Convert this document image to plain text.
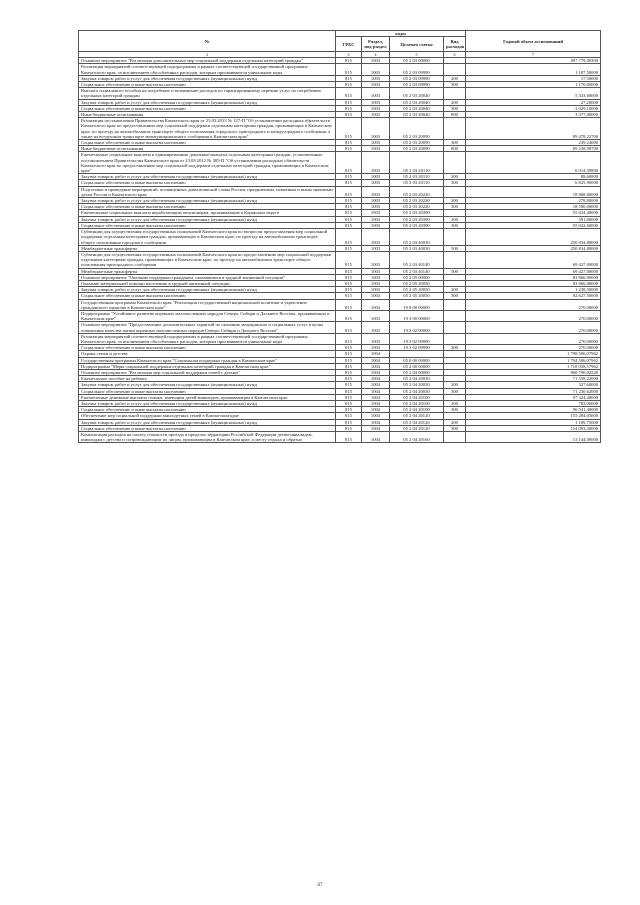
№	коды				Годовой объем ассигнований
	ГРБС	Раздел, под-раздел	Целевая статья	Вид расходов	
2	3	4	5	6	7
Основное мероприятие "Реализация дополнительных мер социальной поддержки отдельных категорий граждан"	815	1003	05 2 03 00000		497 779,00300
Реализация мероприятий соответствующей подпрограммы в рамках соответствующей государственной программы Камчатского края, за исключением обособленных расходов, которым присваиваются уникальные коды	815	1003	05 2 03 09990		1 187,50000
Закупка товаров, работ и услуг для обеспечения государственных (муниципальных) нужд	815	1003	05 2 03 09990	200	17,50000
Социальное обеспечение и иные выплаты населению	815	1003	05 2 03 09990	300	1 170,00000
Выплата социального пособия на погребение и возмещение расходов по гарантированному перечню услуг по погребению отдельных категорий граждан	815	1003	05 2 03 20040		5 433,60000
Закупка товаров, работ и услуг для обеспечения государственных (муниципальных) нужд	815	1003	05 2 03 20040	200	27,20000
Социальное обеспечение и иные выплаты населению	815	1003	05 2 03 20040	300	2 029,10000
Иные бюджетные ассигнования	815	1003	05 2 03 20040	800	3 377,00000
Реализация постановления Правительства Камчатского края от 25.03.2013 № 127-П "Об установлении расходных обязательств Камчатского края по предоставлению мер социальной поддержки отдельным категориям граждан, проживающих в Камчатском крае, по проезду на автомобильном транспорте общего пользования городского, пригородного и междугородного сообщения, а также на воздушном транспорте межмуниципального сообщения в Камчатском крае"	815	1003	05 2 03 20090		89 478,22700
Социальное обеспечение и иные выплаты населению	815	1003	05 2 03 20090	300	239,24000
Иные бюджетные ассигнования	815	1003	05 2 03 20090	800	89 238,98700
Ежемесячные социальные выплаты и единовременные денежные выплаты отдельным категориям граждан, установленные постановлением Правительства Камчатского края от 23.08.2012 № 385-П "Об установлении расходных обязательств Камчатского края по предоставлению мер социальной поддержки отдельных категорий граждан, проживающих в Камчатском крае"	815	1003	05 2 03 20110		6 914,59800
Закупка товаров, работ и услуг для обеспечения государственных (муниципальных) нужд	815	1003	05 2 03 20110	200	88,68800
Социальное обеспечение и иные выплаты населению	815	1003	05 2 03 20110	300	6 825,90000
Подготовка и проведение мероприятий, посвященных дням воинской славы России, праздничным, памятным и иным значимым датам России и Камчатского края	815	1003	05 2 03 20220		18 868,60000
Закупка товаров, работ и услуг для обеспечения государственных (муниципальных) нужд	815	1003	05 2 03 20220	200	278,80000
Социальное обеспечение и иные выплаты населению	815	1003	05 2 03 20220	300	18 590,00000
Ежемесячные социальные выплаты неработающим пенсионерам, проживающим в Корякском округе	815	1003	05 2 03 20390		55 634,40000
Закупка товаров, работ и услуг для обеспечения государственных (муниципальных) нужд	815	1003	05 2 03 20390	200	591,80000
Социальное обеспечение и иные выплаты населению	815	1003	05 2 03 20390	300	55 042,60000
Субвенции для осуществления государственных полномочий Камчатского края по вопросам предоставления мер социальной поддержки отдельным категориям граждан, проживающих в Камчатском крае, по проезду на автомобильном транспорте общего пользования городского сообщения	815	1003	05 2 03 40030		250 834,80000
Межбюджетные трансферты	815	1003	05 2 03 40030	500	250 834,80000
Субвенции для осуществления государственных полномочий Камчатского края по предоставлению мер социальной поддержки отдельным категориям граждан, проживающих в Камчатском крае, по проезду на автомобильном транспорте общего пользования пригородного сообщения	815	1003	05 2 03 40140		69 427,00000
Межбюджетные трансферты	815	1003	05 2 03 40140	500	69 427,00000
Основное мероприятие "Оказание поддержки гражданам, оказавшимся в трудной жизненной ситуации"	815	1003	05 2 05 00000		83 866,00000
Оказание материальной помощи населению в трудной жизненной ситуации	815	1003	05 2 05 20050		83 866,00000
Закупка товаров, работ и услуг для обеспечения государственных (муниципальных) нужд	815	1003	05 2 05 20050	200	1 238,50000
Социальное обеспечение и иные выплаты населению	815	1003	05 2 05 20050	300	82 627,50000
Государственная программа Камчатского края "Реализация государственной национальной политики и укрепление гражданского единства в Камчатском крае"	815	1003	19 0 00 00000		270,00000
Подпрограмма "Устойчивое развитие коренных малочисленных народов Севера, Сибири и Дальнего Востока, проживающих в Камчатском крае"	815	1003	19 3 00 00000		270,00000
Основное мероприятие "Предоставление дополнительных гарантий по оказанию медицинских и социальных услуг в целях повышения качества жизни коренных малочисленных народов Севера, Сибири и Дальнего Востока"	815	1003	19 3 02 00000		270,00000
Реализация мероприятий соответствующей подпрограммы в рамках соответствующей государственной программы Камчатского края, за исключением обособленных расходов, которым присваиваются уникальные коды	815	1003	19 3 02 09990		270,00000
Социальное обеспечение и иные выплаты населению	815	1003	19 3 02 09990	300	270,00000
Охрана семьи и детства	815	1004			1 798 506,07962
Государственная программа Камчатского края "Социальная поддержка граждан в Камчатском крае"	815	1004	05 0 00 00000		1 794 506,07962
Подпрограмма "Меры социальной поддержки отдельных категорий граждан в Камчатском крае"	815	1004	05 2 00 00000		1 718 058,57962
Основное мероприятие "Реализация мер социальной поддержки семей с детьми"	815	1004	05 2 04 00000		860 790,02520
Ежемесячное пособие на ребенка	815	1004	05 2 04 20030		71 558,22000
Закупка товаров, работ и услуг для обеспечения государственных (муниципальных) нужд	815	1004	05 2 04 20030	200	327,60000
Социальное обеспечение и иные выплаты населению	815	1004	05 2 04 20030	300	71 230,62000
Ежемесячные денежные выплаты семьям, имеющим детей-инвалидов, проживающим в Камчатском крае	815	1004	05 2 04 20100		97 324,40000
Закупка товаров, работ и услуг для обеспечения государственных (муниципальных) нужд	815	1004	05 2 04 20100	200	783,00000
Социальное обеспечение и иные выплаты населению	815	1004	05 2 04 20100	300	96 541,40000
Обеспечение мер социальной поддержки многодетных семей в Камчатском крае	815	1004	05 2 04 20120		155 284,05000
Закупка товаров, работ и услуг для обеспечения государственных (муниципальных) нужд	815	1004	05 2 04 20120	200	1 189,75000
Социальное обеспечение и иные выплаты населению	815	1004	05 2 04 20120	300	154 093,30000
Компенсация расходов на оплату стоимости проезда в пределах территории Российской Федерации детям-инвалидам, инвалидам с детства и сопровождающим их лицам, проживающим в Камчатском крае, к месту отдыха и обратно	815	1004	05 2 04 20160		13 144,00000
67
